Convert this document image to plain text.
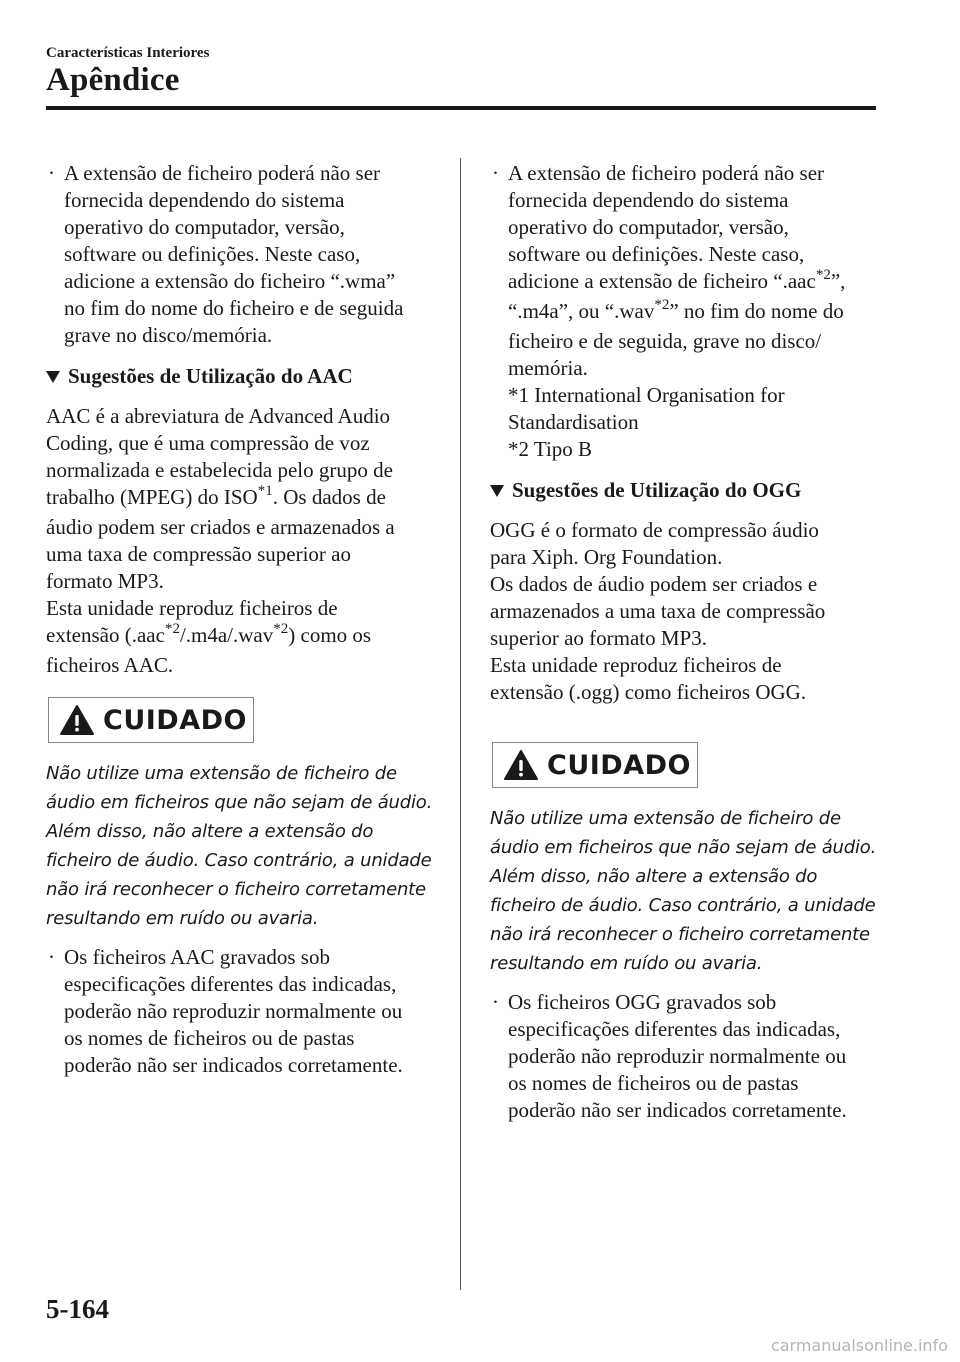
Características Interiores
Apêndice
· A extensão de ficheiro poderá não ser
fornecida dependendo do sistema
operativo do computador, versão,
software ou definições. Neste caso,
adicione a extensão do ficheiro “.wma”
no fim do nome do ficheiro e de seguida
grave no disco/memória.
Sugestões de Utilização do AAC
AAC é a abreviatura de Advanced Audio
Coding, que é uma compressão de voz
normalizada e estabelecida pelo grupo de
trabalho (MPEG) do ISO$^{*1}$. Os dados de
áudio podem ser criados e armazenados a
uma taxa de compressão superior ao
formato MP3.
Esta unidade reproduz ficheiros de
extensão (.aac$^{*2}$/.m4a/.wav$^{*2}$) como os
ficheiros AAC.
CUIDADO
Não utilize uma extensão de ficheiro de
áudio em ficheiros que não sejam de áudio.
Além disso, não altere a extensão do
ficheiro de áudio. Caso contrário, a unidade
não irá reconhecer o ficheiro corretamente
resultando em ruído ou avaria.
· Os ficheiros AAC gravados sob
especificações diferentes das indicadas,
poderão não reproduzir normalmente ou
os nomes de ficheiros ou de pastas
poderão não ser indicados corretamente.
· A extensão de ficheiro poderá não ser
fornecida dependendo do sistema
operativo do computador, versão,
software ou definições. Neste caso,
adicione a extensão de ficheiro “.aac$^{*2}$”,
“.m4a”, ou “.wav$^{*2}$” no fim do nome do
ficheiro e de seguida, grave no disco/
memória.
*1 International Organisation for
Standardisation
*2 Tipo B
Sugestões de Utilização do OGG
OGG é o formato de compressão áudio
para Xiph. Org Foundation.
Os dados de áudio podem ser criados e
armazenados a uma taxa de compressão
superior ao formato MP3.
Esta unidade reproduz ficheiros de
extensão (.ogg) como ficheiros OGG.
CUIDADO
Não utilize uma extensão de ficheiro de
áudio em ficheiros que não sejam de áudio.
Além disso, não altere a extensão do
ficheiro de áudio. Caso contrário, a unidade
não irá reconhecer o ficheiro corretamente
resultando em ruído ou avaria.
· Os ficheiros OGG gravados sob
especificações diferentes das indicadas,
poderão não reproduzir normalmente ou
os nomes de ficheiros ou de pastas
poderão não ser indicados corretamente.
5-164
carmanualsonline.info
